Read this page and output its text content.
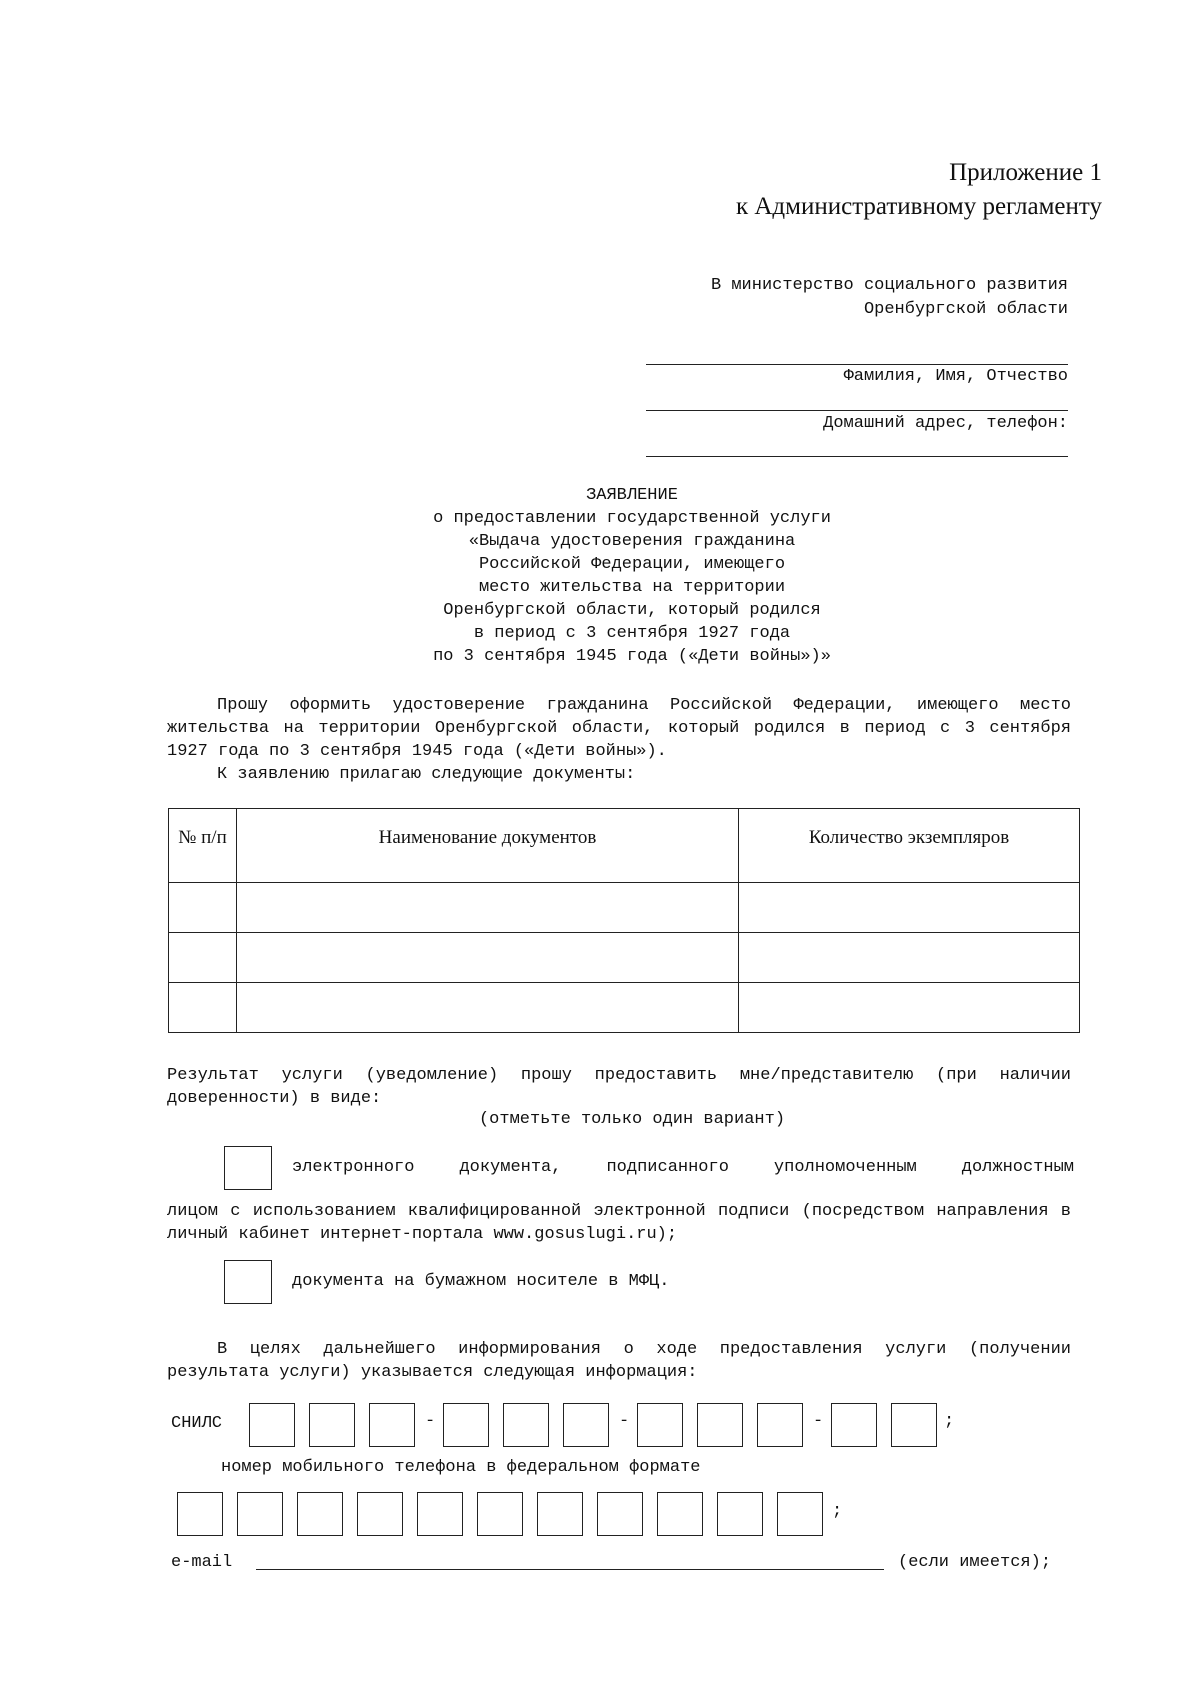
Приложение 1
к Административному регламенту
В министерство социального развития
Оренбургской области
Фамилия, Имя, Отчество
Домашний адрес, телефон:
ЗАЯВЛЕНИЕ
о предоставлении государственной услуги
«Выдача удостоверения гражданина
Российской Федерации, имеющего
место жительства на территории
Оренбургской области, который родился
в период с 3 сентября 1927 года
по 3 сентября 1945 года («Дети войны»)»
Прошу оформить удостоверение гражданина Российской Федерации, имеющего место жительства на территории Оренбургской области, который родился в период с 3 сентября 1927 года по 3 сентября 1945 года («Дети войны»).
К заявлению прилагаю следующие документы:
№ п/п	Наименование документов	Количество экземпляров

Результат услуги (уведомление) прошу предоставить мне/представителю (при наличии доверенности) в виде:
(отметьте только один вариант)
электронного документа, подписанного уполномоченным должностным
лицом с использованием квалифицированной электронной подписи (посредством направления в личный кабинет интернет-портала www.gosuslugi.ru);
документа на бумажном носителе в МФЦ.
В целях дальнейшего информирования о ходе предоставления услуги (получении результата услуги) указывается следующая информация:
СНИЛС	-	-	-	;
номер мобильного телефона в федеральном формате
;
e-mail	(если имеется);
